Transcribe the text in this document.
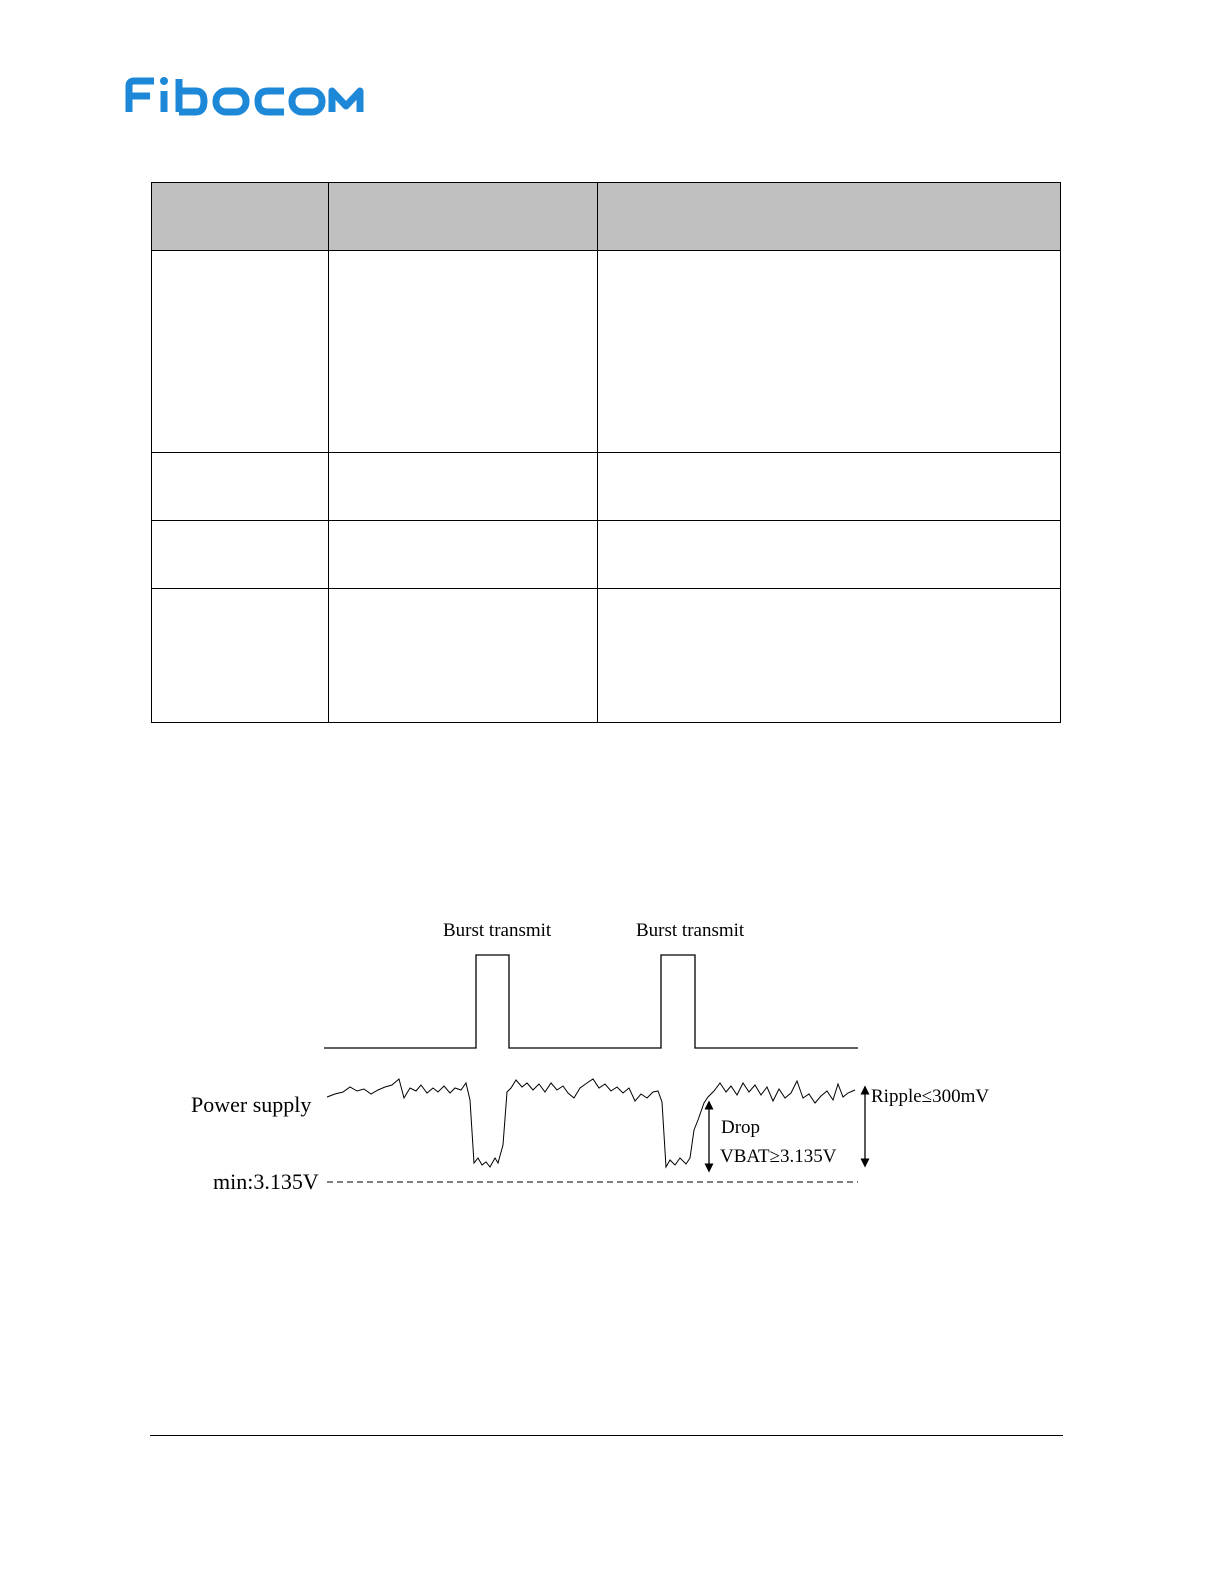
Burst transmit	Burst transmit
Power supply	Ripple≤300mV
Drop
VBAT≥3.135V
min:3.135V
